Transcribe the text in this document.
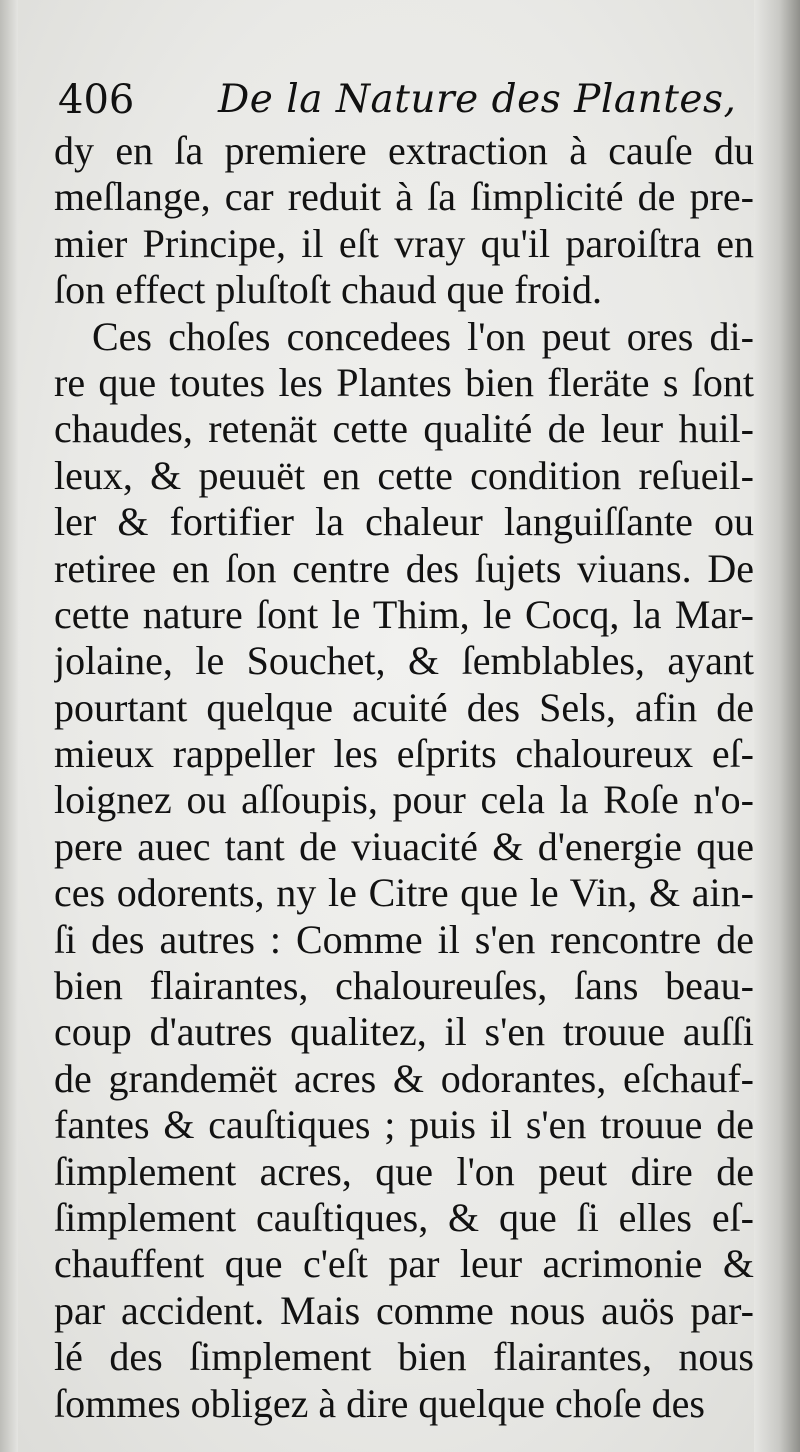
406 De la Nature des Plantes,
dy en ſa premiere extraction à cauſe du
meſlange, car reduit à ſa ſimplicité de pre-
mier Principe, il eſt vray qu'il paroiſtra en
ſon effect pluſtoſt chaud que froid.
Ces choſes concedees l'on peut ores di-
re que toutes les Plantes bien fleräte s ſont
chaudes, retenät cette qualité de leur huil-
leux, & peuuët en cette condition reſueil-
ler & fortifier la chaleur languiſſante ou
retiree en ſon centre des ſujets viuans. De
cette nature ſont le Thim, le Cocq, la Mar-
jolaine, le Souchet, & ſemblables, ayant
pourtant quelque acuité des Sels, afin de
mieux rappeller les eſprits chaloureux eſ-
loignez ou aſſoupis, pour cela la Roſe n'o-
pere auec tant de viuacité & d'energie que
ces odorents, ny le Citre que le Vin, & ain-
ſi des autres : Comme il s'en rencontre de
bien flairantes, chaloureuſes, ſans beau-
coup d'autres qualitez, il s'en trouue auſſi
de grandemët acres & odorantes, eſchauf-
fantes & cauſtiques ; puis il s'en trouue de
ſimplement acres, que l'on peut dire de
ſimplement cauſtiques, & que ſi elles eſ-
chauffent que c'eſt par leur acrimonie &
par accident. Mais comme nous auös par-
lé des ſimplement bien flairantes, nous
ſommes obligez à dire quelque choſe des
